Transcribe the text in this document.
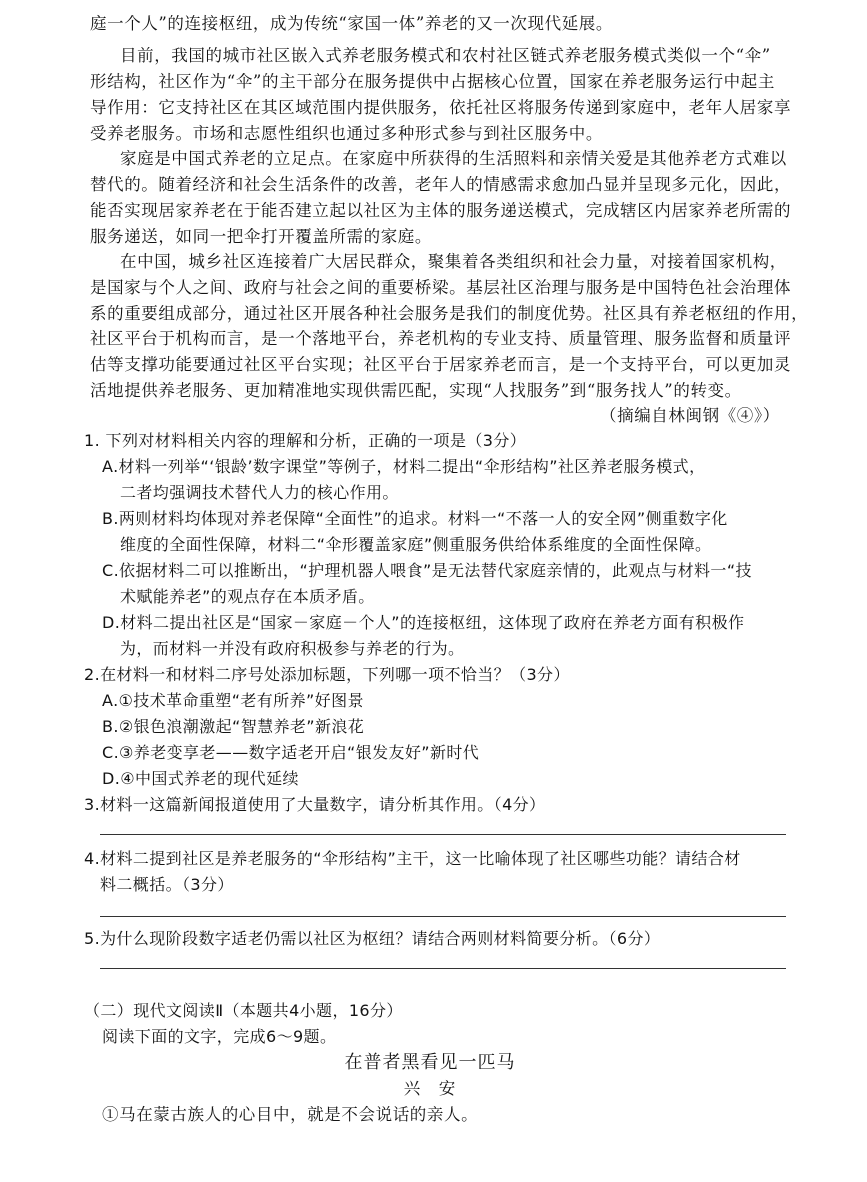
庭一个人”的连接枢纽，成为传统“家国一体”养老的又一次现代延展。
目前，我国的城市社区嵌入式养老服务模式和农村社区链式养老服务模式类似一个“伞”
形结构，社区作为“伞”的主干部分在服务提供中占据核心位置，国家在养老服务运行中起主
导作用：它支持社区在其区域范围内提供服务，依托社区将服务传递到家庭中，老年人居家享
受养老服务。市场和志愿性组织也通过多种形式参与到社区服务中。
家庭是中国式养老的立足点。在家庭中所获得的生活照料和亲情关爱是其他养老方式难以
替代的。随着经济和社会生活条件的改善，老年人的情感需求愈加凸显并呈现多元化，因此，
能否实现居家养老在于能否建立起以社区为主体的服务递送模式，完成辖区内居家养老所需的
服务递送，如同一把伞打开覆盖所需的家庭。
在中国，城乡社区连接着广大居民群众，聚集着各类组织和社会力量，对接着国家机构，
是国家与个人之间、政府与社会之间的重要桥梁。基层社区治理与服务是中国特色社会治理体
系的重要组成部分，通过社区开展各种社会服务是我们的制度优势。社区具有养老枢纽的作用，
社区平台于机构而言，是一个落地平台，养老机构的专业支持、质量管理、服务监督和质量评
估等支撑功能要通过社区平台实现；社区平台于居家养老而言，是一个支持平台，可以更加灵
活地提供养老服务、更加精准地实现供需匹配，实现“人找服务”到“服务找人”的转变。
（摘编自林闽钢《④》）
1. 下列对材料相关内容的理解和分析，正确的一项是（3分）
A.材料一列举“‘银龄’数字课堂”等例子，材料二提出“伞形结构”社区养老服务模式，
二者均强调技术替代人力的核心作用。
B.两则材料均体现对养老保障“全面性”的追求。材料一“不落一人的安全网”侧重数字化
维度的全面性保障，材料二“伞形覆盖家庭”侧重服务供给体系维度的全面性保障。
C.依据材料二可以推断出，“护理机器人喂食”是无法替代家庭亲情的，此观点与材料一“技
术赋能养老”的观点存在本质矛盾。
D.材料二提出社区是“国家－家庭－个人”的连接枢纽，这体现了政府在养老方面有积极作
为，而材料一并没有政府积极参与养老的行为。
2.在材料一和材料二序号处添加标题，下列哪一项不恰当？（3分）
A.①技术革命重塑“老有所养”好图景
B.②银色浪潮激起“智慧养老”新浪花
C.③养老变享老——数字适老开启“银发友好”新时代
D.④中国式养老的现代延续
3.材料一这篇新闻报道使用了大量数字，请分析其作用。（4分）
4.材料二提到社区是养老服务的“伞形结构”主干，这一比喻体现了社区哪些功能？请结合材
料二概括。（3分）
5.为什么现阶段数字适老仍需以社区为枢纽？请结合两则材料简要分析。（6分）
（二）现代文阅读Ⅱ（本题共4小题，16分）
阅读下面的文字，完成6～9题。
在普者黑看见一匹马
兴　安
①马在蒙古族人的心目中，就是不会说话的亲人。
